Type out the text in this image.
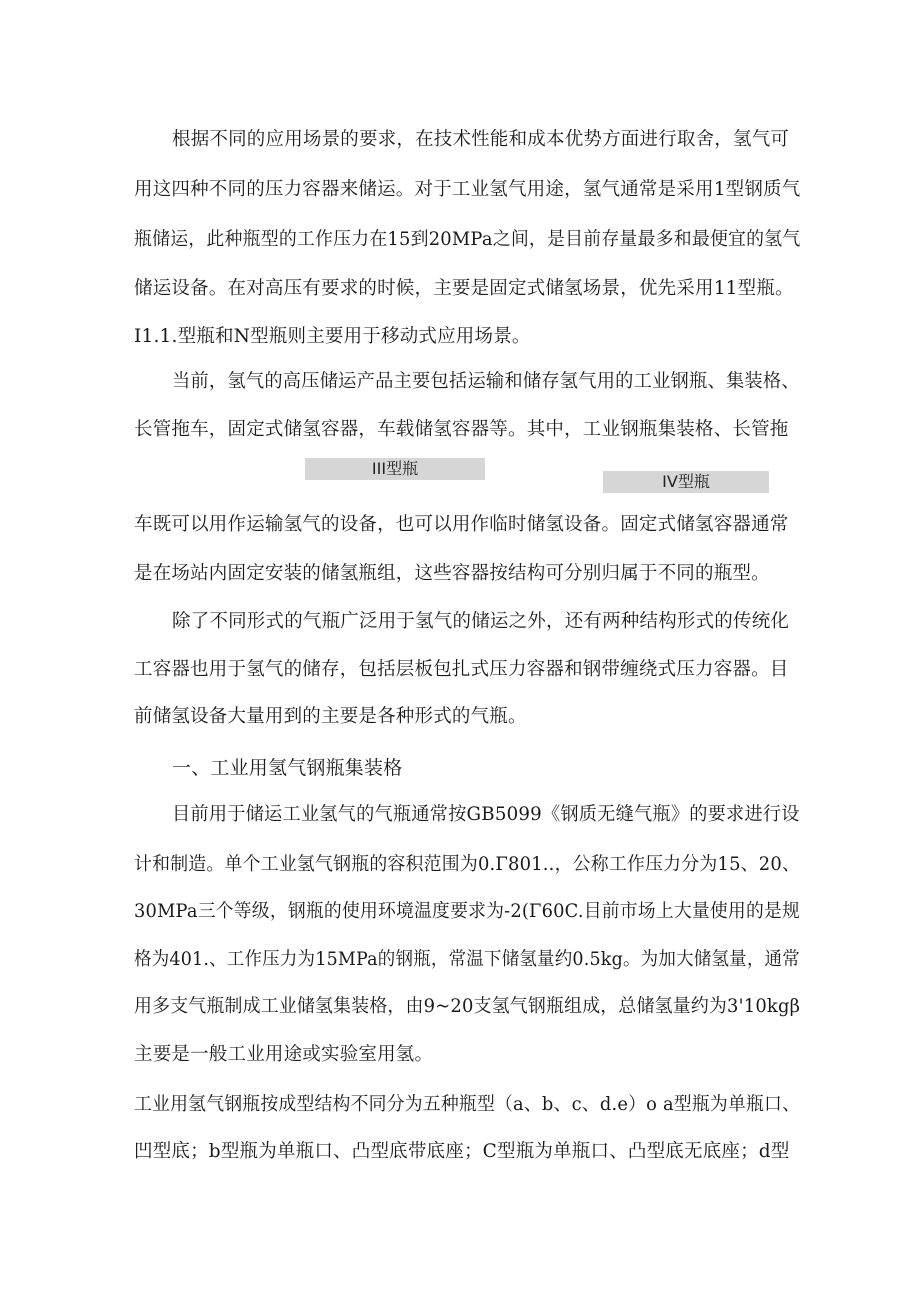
根据不同的应用场景的要求，在技术性能和成本优势方面进行取舍，氢气可
用这四种不同的压力容器来储运。对于工业氢气用途，氢气通常是采用1型钢质气
瓶储运，此种瓶型的工作压力在15到20MPa之间，是目前存量最多和最便宜的氢气
储运设备。在对高压有要求的时候，主要是固定式储氢场景，优先采用11型瓶。
I1.1.型瓶和N型瓶则主要用于移动式应用场景。
当前，氢气的高压储运产品主要包括运输和储存氢气用的工业钢瓶、集装格、
长管拖车，固定式储氢容器，车载储氢容器等。其中，工业钢瓶集装格、长管拖
III型瓶
IV型瓶
车既可以用作运输氢气的设备，也可以用作临时储氢设备。固定式储氢容器通常
是在场站内固定安装的储氢瓶组，这些容器按结构可分别归属于不同的瓶型。
除了不同形式的气瓶广泛用于氢气的储运之外，还有两种结构形式的传统化
工容器也用于氢气的储存，包括层板包扎式压力容器和钢带缠绕式压力容器。目
前储氢设备大量用到的主要是各种形式的气瓶。
一、工业用氢气钢瓶集装格
目前用于储运工业氢气的气瓶通常按GB5099《钢质无缝气瓶》的要求进行设
计和制造。单个工业氢气钢瓶的容积范围为0.Γ801..，公称工作压力分为15、20、
30MPa三个等级，钢瓶的使用环境温度要求为-2(Γ60C.目前市场上大量使用的是规
格为401.、工作压力为15MPa的钢瓶，常温下储氢量约0.5kg。为加大储氢量，通常
用多支气瓶制成工业储氢集装格，由9~20支氢气钢瓶组成，总储氢量约为3'10kgβ
主要是一般工业用途或实验室用氢。
工业用氢气钢瓶按成型结构不同分为五种瓶型（a、b、c、d.e）o a型瓶为单瓶口、
凹型底；b型瓶为单瓶口、凸型底带底座；C型瓶为单瓶口、凸型底无底座；d型
